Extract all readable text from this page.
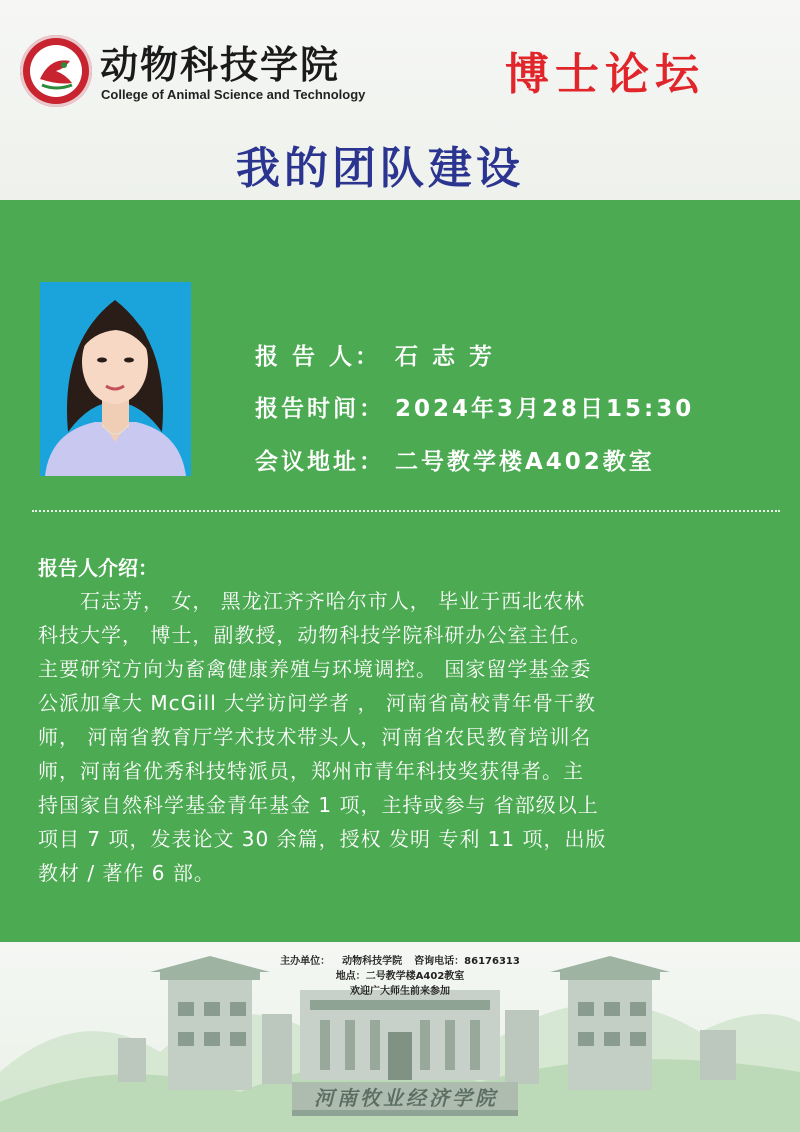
动物科技学院
College of Animal Science and Technology	博士论坛
我的团队建设
报 告 人： 石 志 芳
报告时间： 2024年3月28日15:30
会议地址： 二号教学楼A402教室
报告人介绍：
　　石志芳， 女， 黑龙江齐齐哈尔市人， 毕业于西北农林
科技大学， 博士，副教授，动物科技学院科研办公室主任。
主要研究方向为畜禽健康养殖与环境调控。 国家留学基金委
公派加拿大 McGill 大学访问学者 ， 河南省高校青年骨干教
师， 河南省教育厅学术技术带头人，河南省农民教育培训名
师，河南省优秀科技特派员，郑州市青年科技奖获得者。主
持国家自然科学基金青年基金 1 项，主持或参与 省部级以上
项目 7 项，发表论文 30 余篇，授权 发明 专利 11 项，出版
教材 / 著作 6 部。
主办单位： 动物科技学院 咨询电话：86176313
地点：二号教学楼A402教室
欢迎广大师生前来参加
河南牧业经济学院
